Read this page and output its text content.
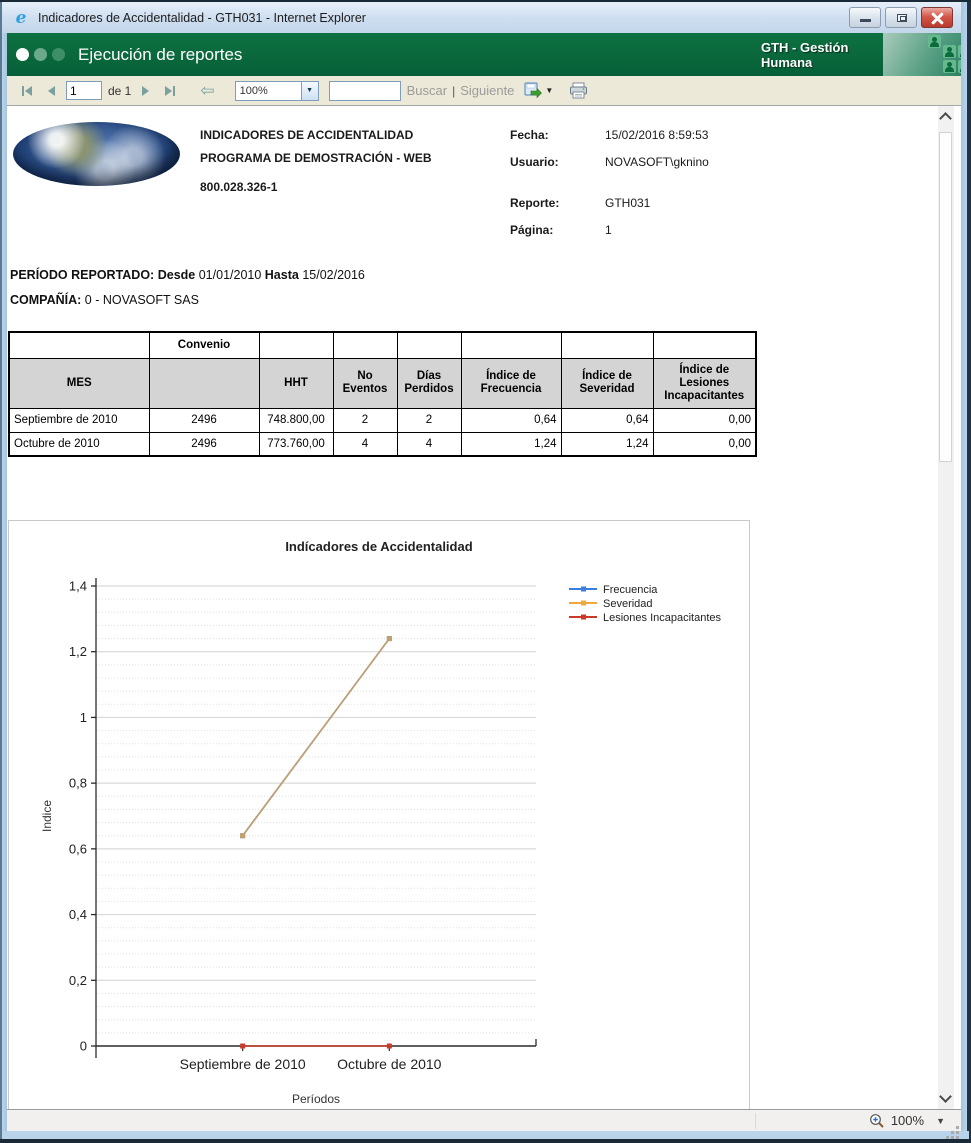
e Indicadores de Accidentalidad - GTH031 - Internet Explorer
Ejecución de reportes	GTH - Gestión Humana
1
de 1	⇦ 100%	▼	Buscar | Siguiente	▼
INDICADORES DE ACCIDENTALIDAD
PROGRAMA DE DEMOSTRACIÓN - WEB
800.028.326-1
Fecha:	15/02/2016 8:59:53
Usuario:	NOVASOFT\gknino
Reporte:	GTH031
Página:	1
PERÍODO REPORTADO: Desde 01/01/2010 Hasta 15/02/2016
COMPAÑÍA: 0 - NOVASOFT SAS
	Convenio						
MES		HHT	No Eventos	Días Perdidos	Índice de Frecuencia	Índice de Severidad	Índice de Lesiones Incapacitantes
Septiembre de 2010	2496	748.800,00	2	2	0,64	0,64	0,00
Octubre de 2010	2496	773.760,00	4	4	1,24	1,24	0,00
Indícadores de Accidentalidad
0
0,2
0,4
0,6
0,8
1
1,2
1,4
Septiembre de 2010 Octubre de 2010
Períodos
Indice
Frecuencia
Severidad
Lesiones Incapacitantes
100% ▼
